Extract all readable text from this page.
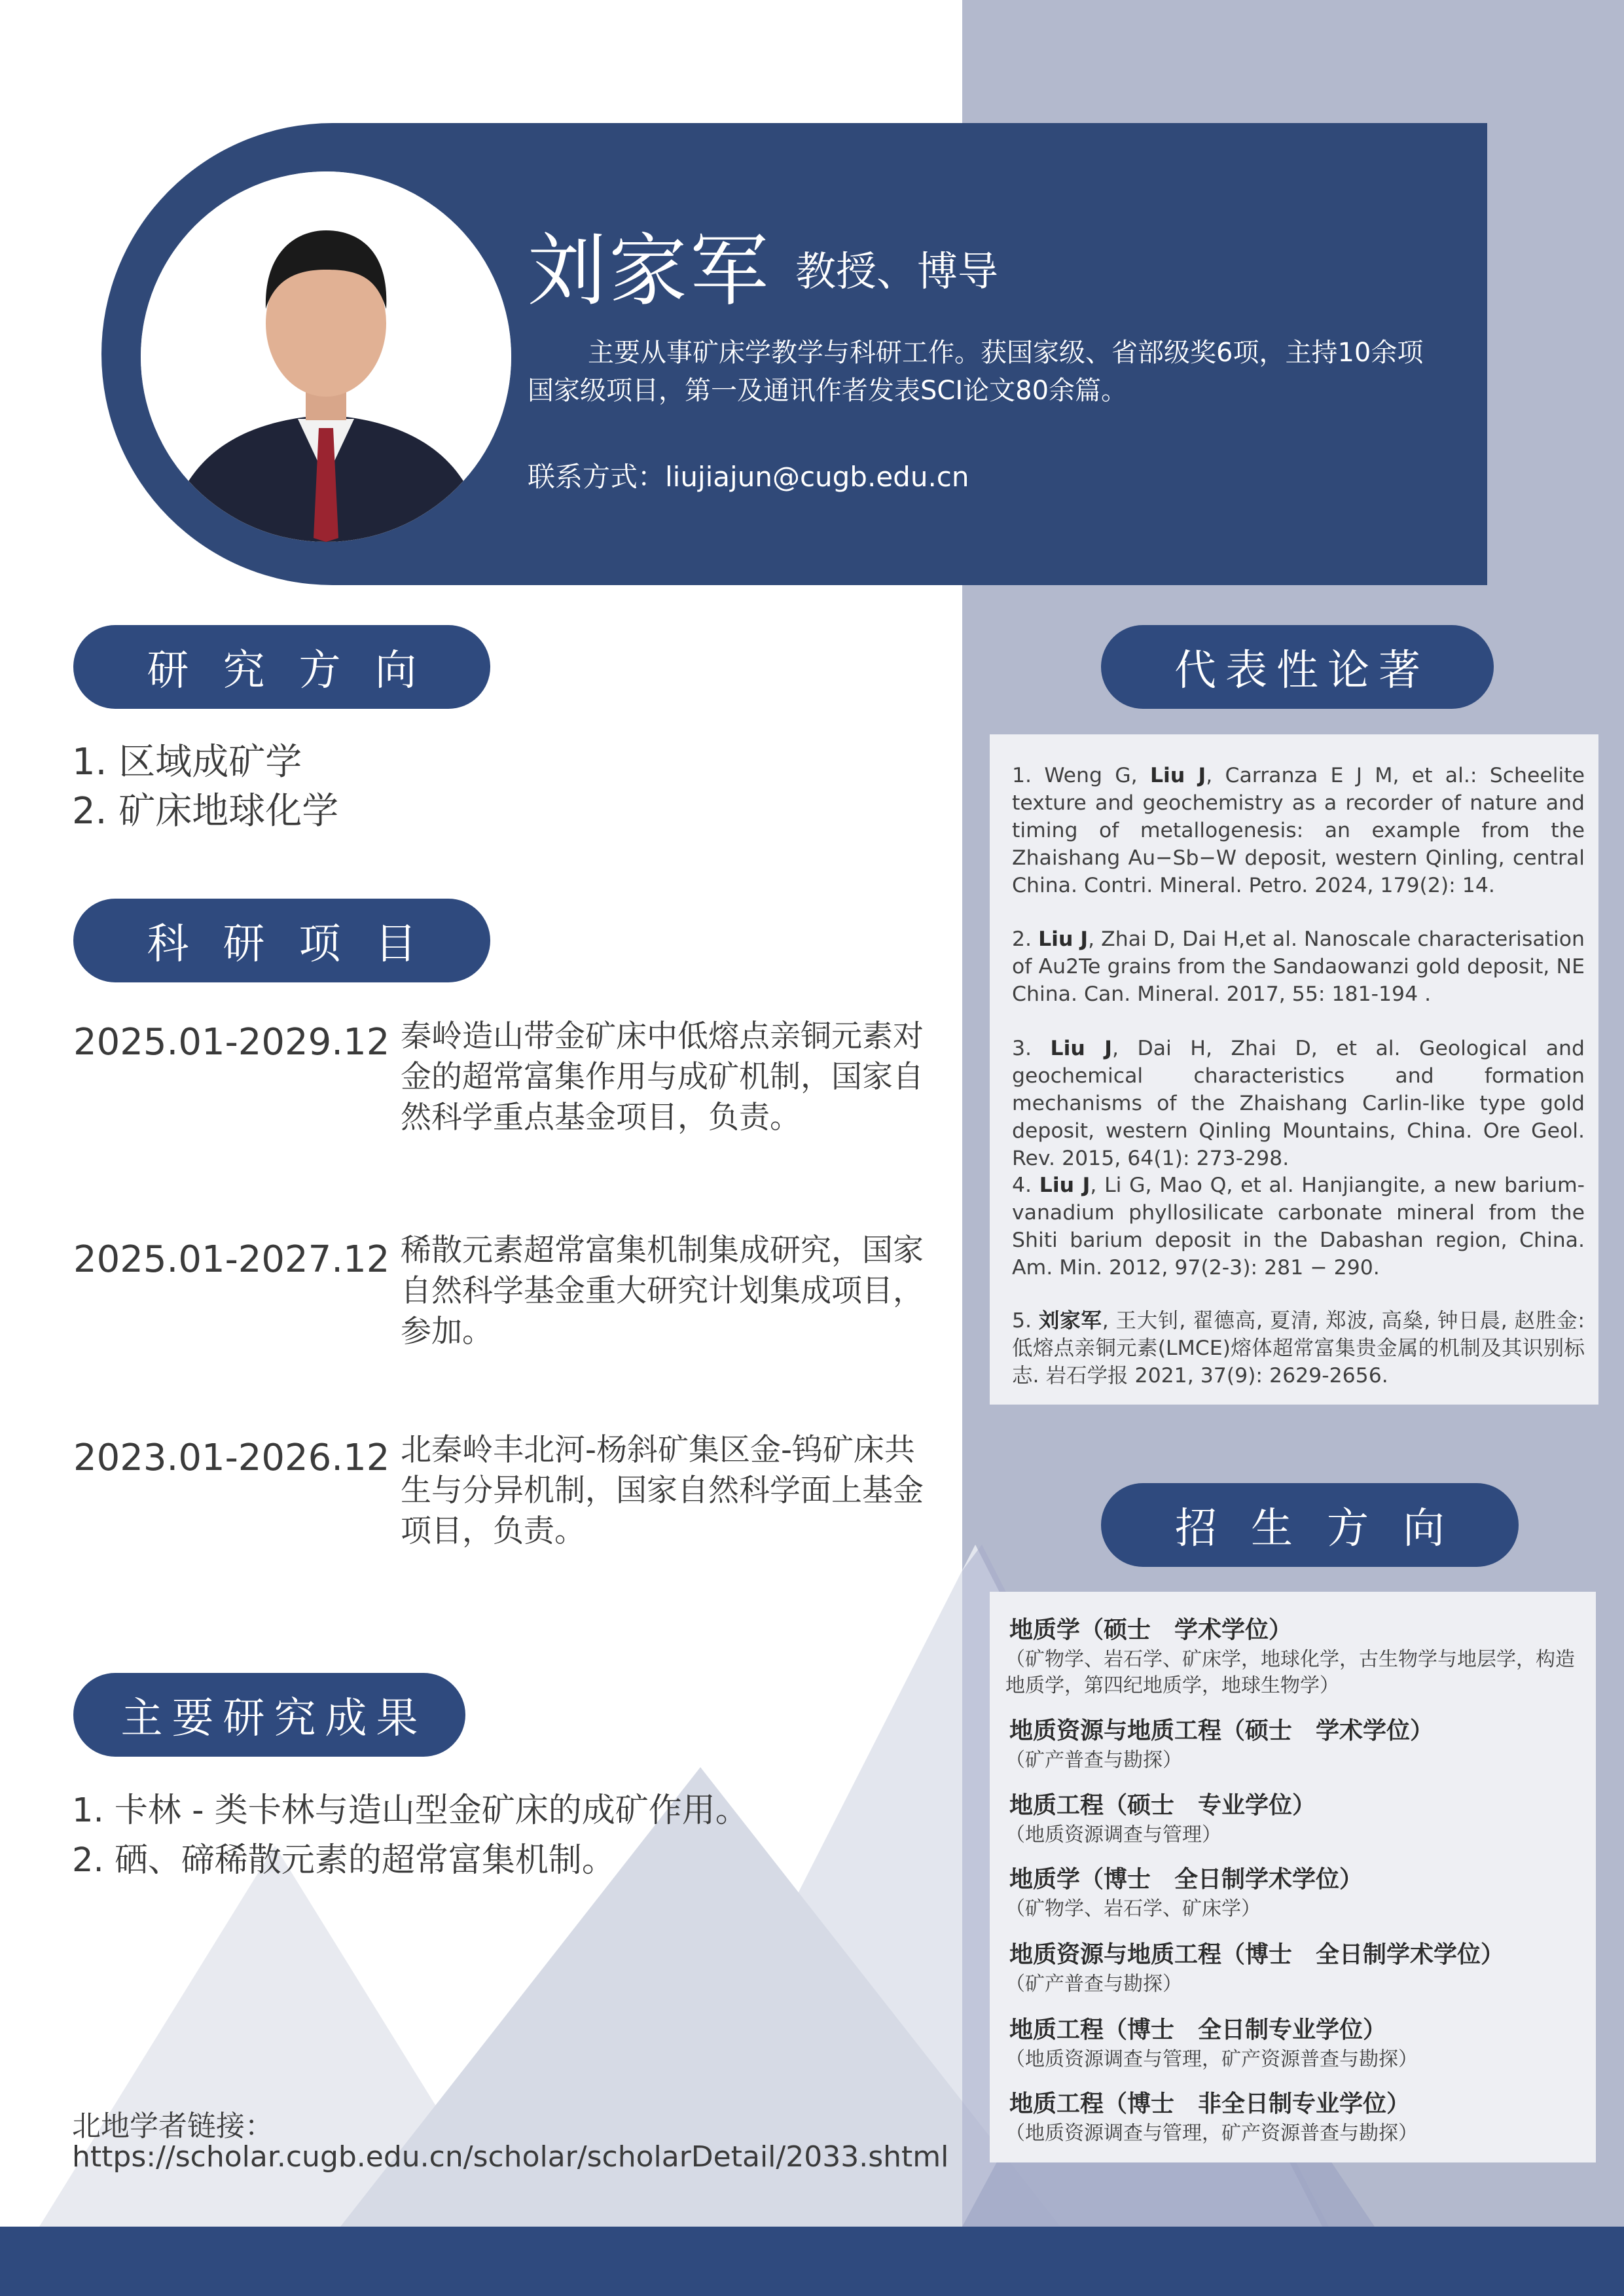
刘家军 教授、博导
主要从事矿床学教学与科研工作。获国家级、省部级奖6项，主持10余项国家级项目，第一及通讯作者发表SCI论文80余篇。
联系方式：liujiajun@cugb.edu.cn
研究方向
1. 区域成矿学
2. 矿床地球化学
科研项目
2025.01-2029.12 秦岭造山带金矿床中低熔点亲铜元素对金的超常富集作用与成矿机制，国家自然科学重点基金项目，负责。
2025.01-2027.12 稀散元素超常富集机制集成研究，国家自然科学基金重大研究计划集成项目，参加。
2023.01-2026.12 北秦岭丰北河-杨斜矿集区金-钨矿床共生与分异机制，国家自然科学面上基金项目，负责。
主要研究成果
1. 卡林 - 类卡林与造山型金矿床的成矿作用。
2. 硒、碲稀散元素的超常富集机制。
北地学者链接：
https://scholar.cugb.edu.cn/scholar/scholarDetail/2033.shtml
代表性论著
1. Weng G, Liu J, Carranza E J M, et al.: Scheelite texture and geochemistry as a recorder of nature and timing of metallogenesis: an example from the Zhaishang Au−Sb−W deposit, western Qinling, central China. Contri. Mineral. Petro. 2024, 179(2): 14.
2. Liu J, Zhai D, Dai H,et al. Nanoscale characterisation of Au2Te grains from the Sandaowanzi gold deposit, NE China. Can. Mineral. 2017, 55: 181-194 .
3. Liu J, Dai H, Zhai D, et al. Geological and geochemical characteristics and formation mechanisms of the Zhaishang Carlin-like type gold deposit, western Qinling Mountains, China. Ore Geol. Rev. 2015, 64(1): 273-298.
4. Liu J, Li G, Mao Q, et al. Hanjiangite, a new barium-vanadium phyllosilicate carbonate mineral from the Shiti barium deposit in the Dabashan region, China. Am. Min. 2012, 97(2-3): 281 − 290.
5. 刘家军, 王大钊, 翟德高, 夏清, 郑波, 高燊, 钟日晨, 赵胜金: 低熔点亲铜元素(LMCE)熔体超常富集贵金属的机制及其识别标志. 岩石学报 2021, 37(9): 2629-2656.
招生方向
地质学（硕士　学术学位）
（矿物学、岩石学、矿床学，地球化学，古生物学与地层学，构造地质学，第四纪地质学，地球生物学）
地质资源与地质工程（硕士　学术学位）
（矿产普查与勘探）
地质工程（硕士　专业学位）
（地质资源调查与管理）
地质学（博士　全日制学术学位）
（矿物学、岩石学、矿床学）
地质资源与地质工程（博士　全日制学术学位）
（矿产普查与勘探）
地质工程（博士　全日制专业学位）
（地质资源调查与管理，矿产资源普查与勘探）
地质工程（博士　非全日制专业学位）
（地质资源调查与管理，矿产资源普查与勘探）
